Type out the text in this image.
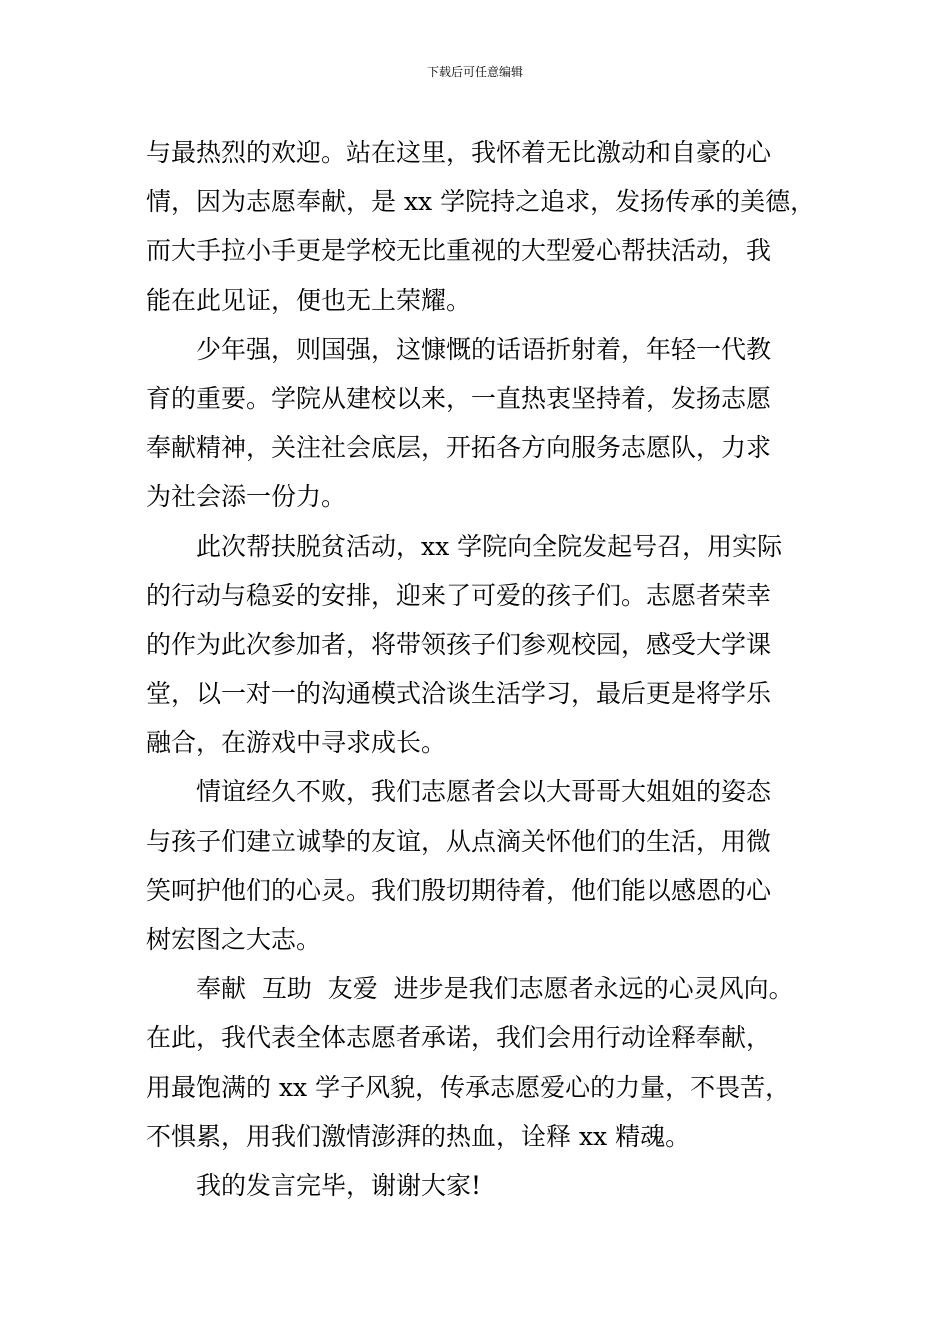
下载后可任意编辑
与最热烈的欢迎。站在这里，我怀着无比激动和自豪的心
情，因为志愿奉献，是 xx 学院持之追求，发扬传承的美德，
而大手拉小手更是学校无比重视的大型爱心帮扶活动，我
能在此见证，便也无上荣耀。
少年强，则国强，这慷慨的话语折射着，年轻一代教
育的重要。学院从建校以来，一直热衷坚持着，发扬志愿
奉献精神，关注社会底层，开拓各方向服务志愿队，力求
为社会添一份力。
此次帮扶脱贫活动，xx 学院向全院发起号召，用实际
的行动与稳妥的安排，迎来了可爱的孩子们。志愿者荣幸
的作为此次参加者，将带领孩子们参观校园，感受大学课
堂，以一对一的沟通模式洽谈生活学习，最后更是将学乐
融合，在游戏中寻求成长。
情谊经久不败，我们志愿者会以大哥哥大姐姐的姿态
与孩子们建立诚挚的友谊，从点滴关怀他们的生活，用微
笑呵护他们的心灵。我们殷切期待着，他们能以感恩的心
树宏图之大志。
奉献  互助  友爱  进步是我们志愿者永远的心灵风向。
在此，我代表全体志愿者承诺，我们会用行动诠释奉献，
用最饱满的 xx 学子风貌，传承志愿爱心的力量，不畏苦，
不惧累，用我们激情澎湃的热血，诠释 xx 精魂。
我的发言完毕，谢谢大家!
